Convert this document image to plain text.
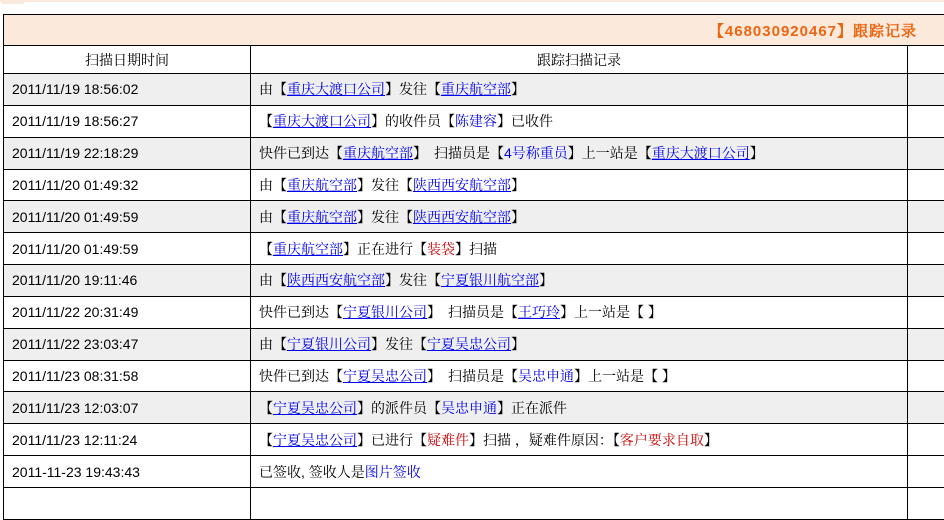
【468030920467】跟踪记录
扫描日期时间	跟踪扫描记录
2011/11/19 18:56:02	由【 重庆大渡口公司 】发往【 重庆航空部 】
2011/11/19 18:56:27	【 重庆大渡口公司 】的收件员【 陈建容 】已收件
2011/11/19 22:18:29	快件已到达【 重庆航空部 】　扫描员是【 4号称重员 】上一站是【 重庆大渡口公司 】
2011/11/20 01:49:32	由【 重庆航空部 】发往【 陕西西安航空部 】
2011/11/20 01:49:59	由【 重庆航空部 】发往【 陕西西安航空部 】
2011/11/20 01:49:59	【 重庆航空部 】正在进行【 装袋 】扫描
2011/11/20 19:11:46	由【 陕西西安航空部 】发往【 宁夏银川航空部 】
2011/11/22 20:31:49	快件已到达【 宁夏银川公司 】　扫描员是【 王巧玲 】上一站是【 】
2011/11/22 23:03:47	由【 宁夏银川公司 】发往【 宁夏吴忠公司 】
2011/11/23 08:31:58	快件已到达【 宁夏吴忠公司 】　扫描员是【 吴忠申通 】上一站是【 】
2011/11/23 12:03:07	【 宁夏吴忠公司 】的派件员【 吴忠申通 】正在派件
2011/11/23 12:11:24	【 宁夏吴忠公司 】已进行【 疑难件 】扫描 ，疑难件原因：【 客户要求自取 】
2011-11-23 19:43:43	已签收, 签收人是 图片签收
